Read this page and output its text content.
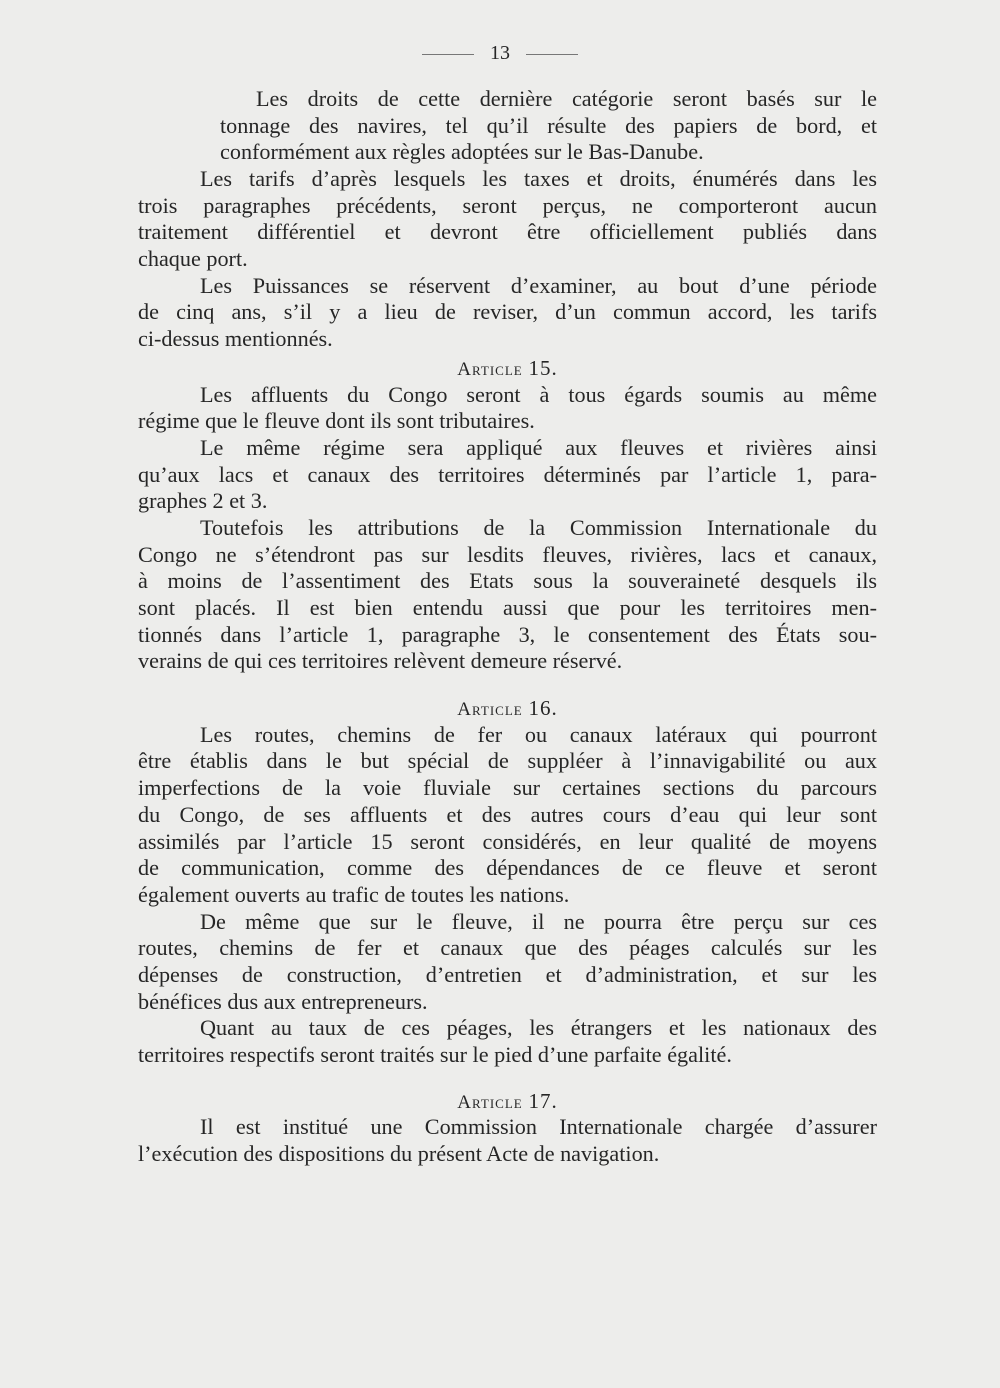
13
Les droits de cette dernière catégorie seront basés sur le
tonnage des navires, tel qu’il résulte des papiers de bord, et
conformément aux règles adoptées sur le Bas-Danube.
Les tarifs d’après lesquels les taxes et droits, énumérés dans les
trois paragraphes précédents, seront perçus, ne comporteront aucun
traitement différentiel et devront être officiellement publiés dans
chaque port.
Les Puissances se réservent d’examiner, au bout d’une période
de cinq ans, s’il y a lieu de reviser, d’un commun accord, les tarifs
ci-dessus mentionnés.
Article 15.
Les affluents du Congo seront à tous égards soumis au même
régime que le fleuve dont ils sont tributaires.
Le même régime sera appliqué aux fleuves et rivières ainsi
qu’aux lacs et canaux des territoires déterminés par l’article 1, para-
graphes 2 et 3.
Toutefois les attributions de la Commission Internationale du
Congo ne s’étendront pas sur lesdits fleuves, rivières, lacs et canaux,
à moins de l’assentiment des Etats sous la souveraineté desquels ils
sont placés. Il est bien entendu aussi que pour les territoires men-
tionnés dans l’article 1, paragraphe 3, le consentement des États sou-
verains de qui ces territoires relèvent demeure réservé.
Article 16.
Les routes, chemins de fer ou canaux latéraux qui pourront
être établis dans le but spécial de suppléer à l’innavigabilité ou aux
imperfections de la voie fluviale sur certaines sections du parcours
du Congo, de ses affluents et des autres cours d’eau qui leur sont
assimilés par l’article 15 seront considérés, en leur qualité de moyens
de communication, comme des dépendances de ce fleuve et seront
également ouverts au trafic de toutes les nations.
De même que sur le fleuve, il ne pourra être perçu sur ces
routes, chemins de fer et canaux que des péages calculés sur les
dépenses de construction, d’entretien et d’administration, et sur les
bénéfices dus aux entrepreneurs.
Quant au taux de ces péages, les étrangers et les nationaux des
territoires respectifs seront traités sur le pied d’une parfaite égalité.
Article 17.
Il est institué une Commission Internationale chargée d’assurer
l’exécution des dispositions du présent Acte de navigation.
